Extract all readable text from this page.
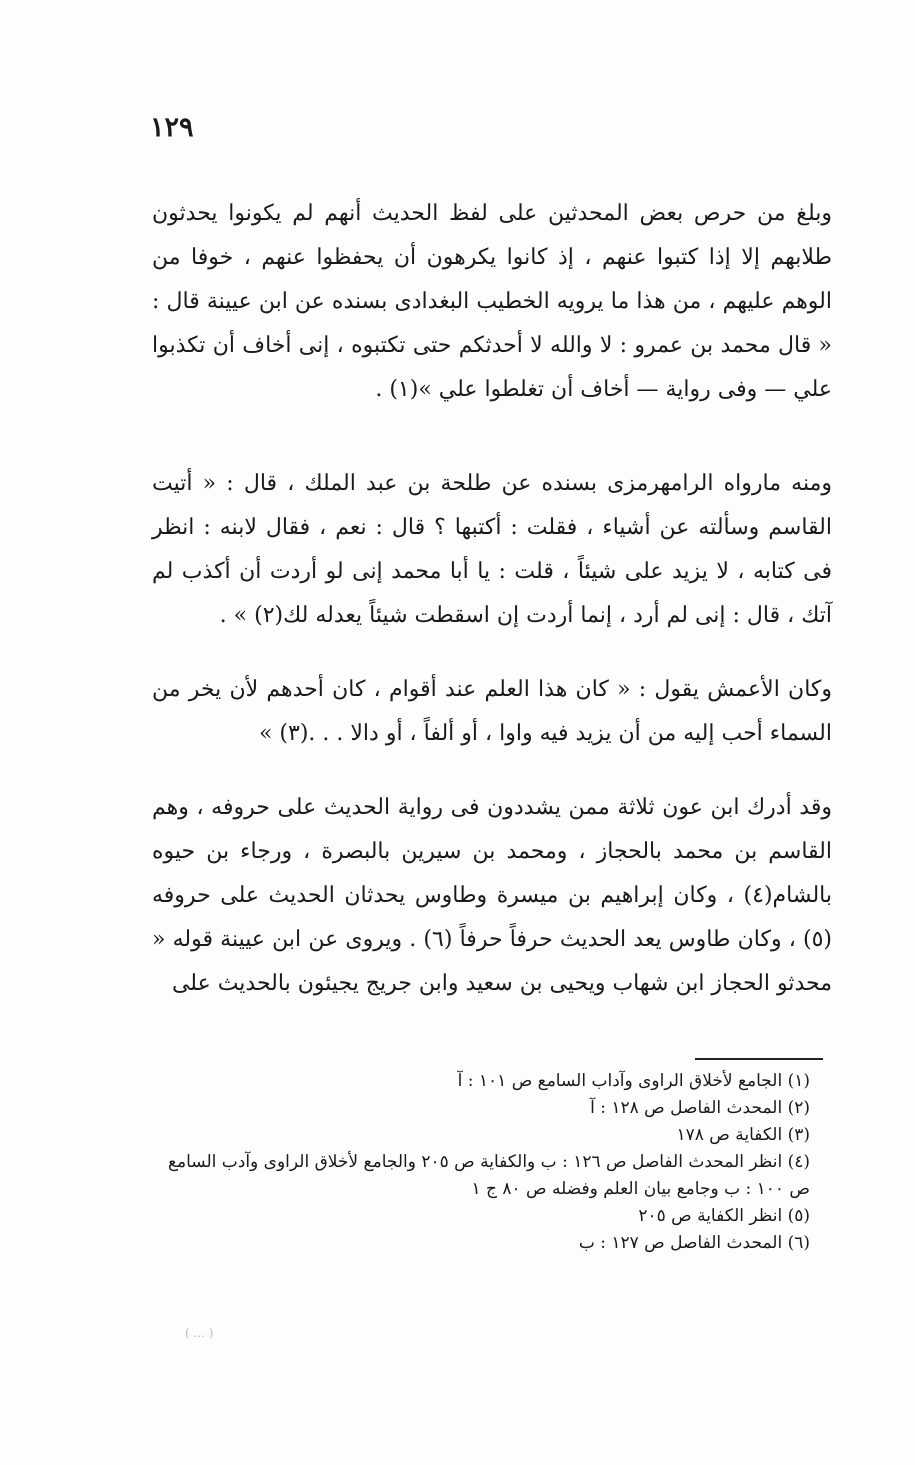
١٢٩

وبلغ من حرص بعض المحدثين على لفظ الحديث أنهم لم يكونوا يحدثون طلابهم إلا إذا كتبوا عنهم ، إذ كانوا يكرهون أن يحفظوا عنهم ، خوفا من الوهم عليهم ، من هذا ما يرويه الخطيب البغدادى بسنده عن ابن عيينة قال : « قال محمد بن عمرو : لا والله لا أحدثكم حتى تكتبوه ، إنى أخاف أن تكذبوا علي — وفى رواية — أخاف أن تغلطوا علي »(١) .

ومنه مارواه الرامهرمزى بسنده عن طلحة بن عبد الملك ، قال : « أتيت القاسم وسألته عن أشياء ، فقلت : أكتبها ؟ قال : نعم ، فقال لابنه : انظر فى كتابه ، لا يزيد على شيئاً ، قلت : يا أبا محمد إنى لو أردت أن أكذب لم آتك ، قال : إنى لم أرد ، إنما أردت إن اسقطت شيئاً يعدله لك(٢) » .

وكان الأعمش يقول : « كان هذا العلم عند أقوام ، كان أحدهم لأن يخر من السماء أحب إليه من أن يزيد فيه واوا ، أو ألفاً ، أو دالا . . .(٣) »

وقد أدرك ابن عون ثلاثة ممن يشددون فى رواية الحديث على حروفه ، وهم القاسم بن محمد بالحجاز ، ومحمد بن سيرين بالبصرة ، ورجاء بن حيوه بالشام(٤) ، وكان إبراهيم بن ميسرة وطاوس يحدثان الحديث على حروفه (٥) ، وكان طاوس يعد الحديث حرفاً حرفاً (٦) . ويروى عن ابن عيينة قوله « محدثو الحجاز ابن شهاب ويحيى بن سعيد وابن جريج يجيئون بالحديث على

(١) الجامع لأخلاق الراوى وآداب السامع ص ١٠١ : آ

(٢) المحدث الفاصل ص ١٢٨ : آ

(٣) الكفاية ص ١٧٨

(٤) انظر المحدث الفاصل ص ١٢٦ : ب والكفاية ص ٢٠٥ والجامع لأخلاق الراوى وآدب السامع ص ١٠٠ : ب وجامع بيان العلم وفضله ص ٨٠ ج ١

(٥) انظر الكفاية ص ٢٠٥

(٦) المحدث الفاصل ص ١٢٧ : ب

( ... )
